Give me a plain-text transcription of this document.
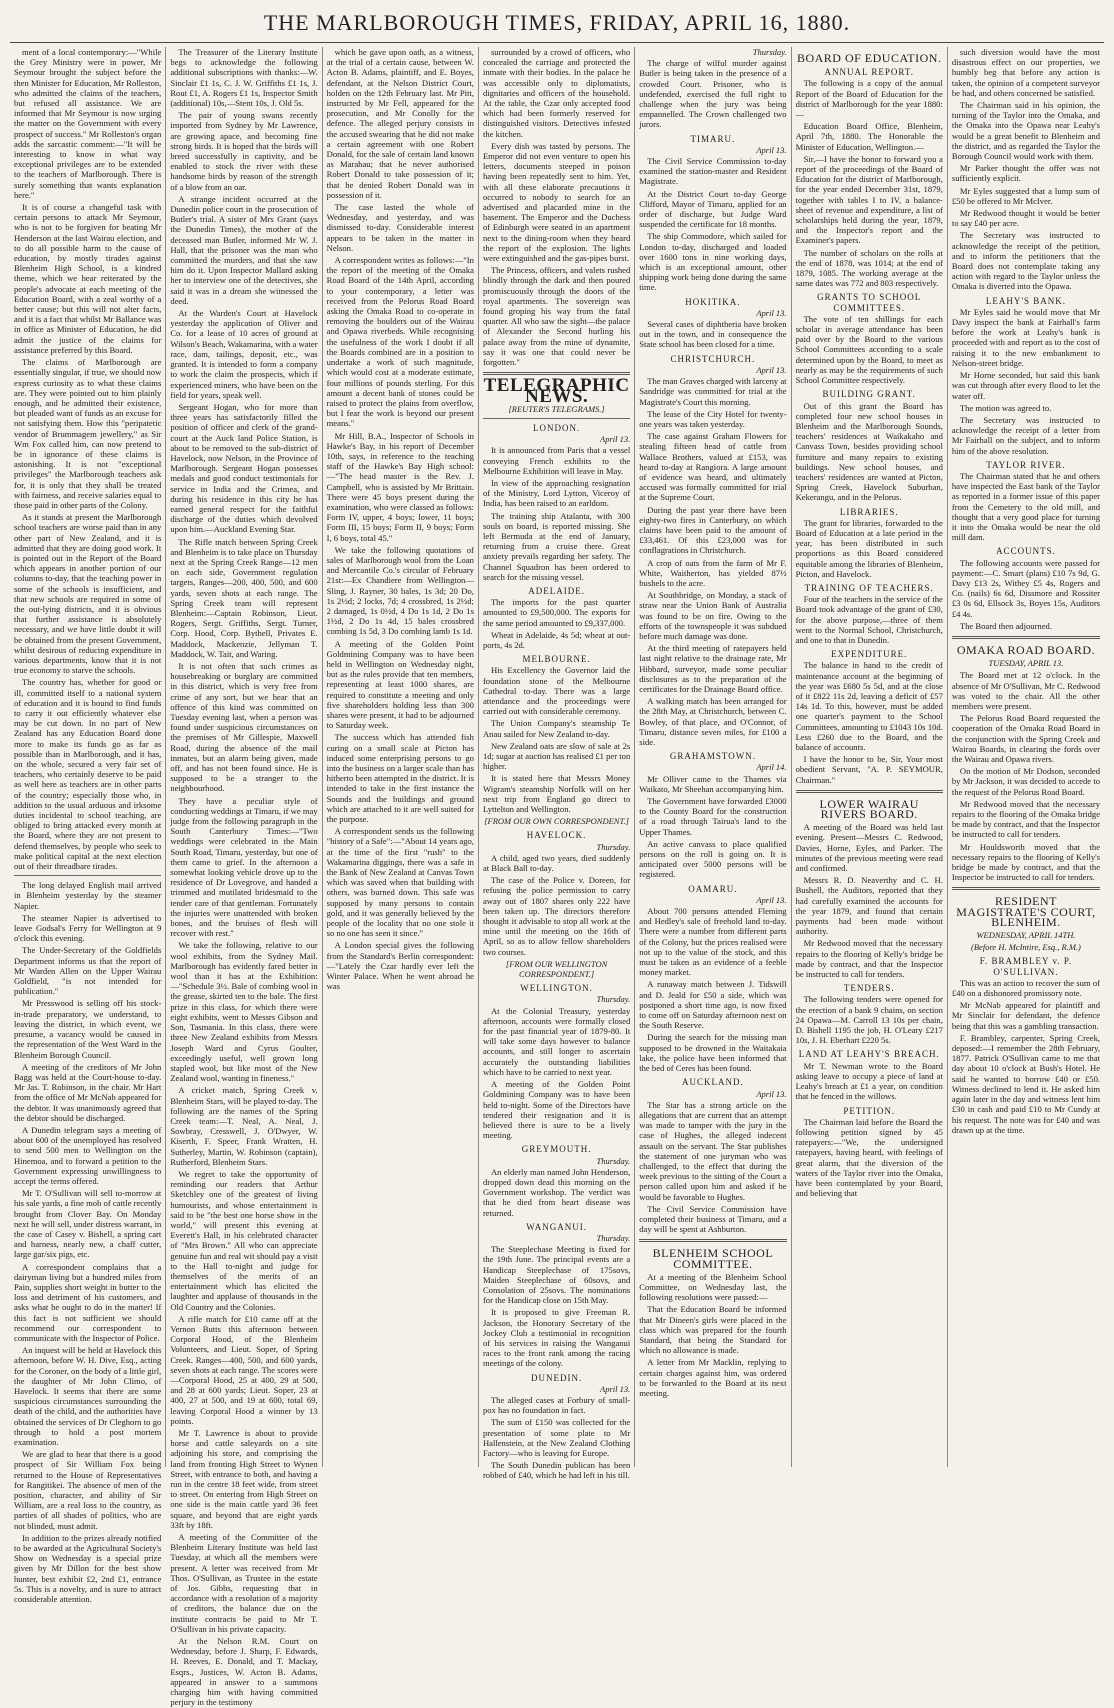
THE MARLBOROUGH TIMES, FRIDAY, APRIL 16, 1880.

ment of a local contemporary:—"While the Grey Ministry were in power, Mr Seymour brought the subject before the then Minister for Education, Mr Rolleston, who admitted the claims of the teachers, but refused all assistance. We are informed that Mr Seymour is now urging the matter on the Government with every prospect of success." Mr Rolleston's organ adds the sarcastic comment:—"It will be interesting to know in what way exceptional privileges are to be extended to the teachers of Marlborough. There is surely something that wants explanation here."

It is of course a changeful task with certain persons to attack Mr Seymour, who is not to be forgiven for beating Mr Henderson at the last Wairau election, and to do all possible harm to the cause of education, by mostly tirades against Blenheim High School, is a kindred theme, which we hear reiterated by the people's advocate at each meeting of the Education Board, with a zeal worthy of a better cause; but this will not alter facts, and it is a fact that whilst Mr Ballance was in office as Minister of Education, he did admit the justice of the claims for assistance preferred by this Board.

The claims of Marlborough are essentially singular, if true, we should now express curiosity as to what these claims are. They were pointed out to him plainly enough, and he admitted their existence, but pleaded want of funds as an excuse for not satisfying them. How this "peripatetic vendor of Brummagem jewellery," as Sir Wm Fox called him, can now pretend to be in ignorance of these claims is astonishing. It is not "exceptional privileges" the Marlborough teachers ask for, it is only that they shall be treated with fairness, and receive salaries equal to those paid in other parts of the Colony.

As it stands at present the Marlborough school teachers are worse paid than in any other part of New Zealand, and it is admitted that they are doing good work. It is pointed out in the Report of the Board which appears in another portion of our columns to-day, that the teaching power in some of the schools is insufficient, and that new schools are required in some of the out-lying districts, and it is obvious that further assistance is absolutely necessary, and we have little doubt it will be obtained from the present Government, whilst desirous of reducing expenditure in various departments, know that it is not true economy to starve the schools.

The country has, whether for good or ill, committed itself to a national system of education and it is bound to find funds to carry it out efficiently whatever else may be cut down. In no part of New Zealand has any Education Board done more to make its funds go as far as possible than in Marlborough, and it has, on the whole, secured a very fair set of teachers, who certainly deserve to be paid as well here as teachers are in other parts of the country; especially those who, in addition to the usual arduous and irksome duties incidental to school teaching, are obliged to bring attacked every month at the Board, where they are not present to defend themselves, by people who seek to make political capital at the next election out of their threadbare tirades.

The long delayed English mail arrived in Blenheim yesterday by the steamer Napier.

The steamer Napier is advertised to leave Godsal's Ferry for Wellington at 9 o'clock this evening.

The Under-Secretary of the Goldfields Department informs us that the report of Mr Warden Allen on the Upper Wairau Goldfield, "is not intended for publication."

Mr Presswood is selling off his stock-in-trade preparatory, we understand, to leaving the district, in which event, we presume, a vacancy would be caused in the representation of the West Ward in the Blenheim Borough Council.

A meeting of the creditors of Mr John Bagg was held at the Court-house to-day. Mr Jas. T. Robinson, in the chair. Mr Hart from the office of Mr McNab appeared for the debtor. It was unanimously agreed that the debtor should be discharged.

A Dunedin telegram says a meeting of about 600 of the unemployed has resolved to send 500 men to Wellington on the Hinemoa, and to forward a petition to the Government expressing unwillingness to accept the terms offered.

Mr T. O'Sullivan will sell to-morrow at his sale yards, a fine mob of cattle recently brought from Clover Bay. On Monday next he will sell, under distress warrant, in the case of Casey v. Bishell, a spring cart and harness, nearly new, a chaff cutter, large gar/six pigs, etc.

A correspondent complains that a dairyman living but a hundred miles from Pain, supplies short weight in butter to the loss and detriment of his customers, and asks what he ought to do in the matter! If this fact is not sufficient we should recommend our correspondent to communicate with the Inspector of Police.

An inquest will be held at Havelock this afternoon, before W. H. Dive, Esq., acting for the Coroner, on the body of a little girl, the daughter of Mr John Climo, of Havelock. It seems that there are some suspicious circumstances surrounding the death of the child, and the authorities have obtained the services of Dr Cleghorn to go through to hold a post mortem examination.

We are glad to hear that there is a good prospect of Sir William Fox being returned to the House of Representatives for Rangitikei. The absence of men of the position, character, and ability of Sir William, are a real loss to the country, as parties of all shades of politics, who are not blinded, must admit.

In addition to the prizes already notified to be awarded at the Agricultural Society's Show on Wednesday is a special prize given by Mr Dillon for the best show hunter, best exhibit £2, 2nd £1, entrance 5s. This is a novelty, and is sure to attract considerable attention.

The Treasurer of the Literary Institute begs to acknowledge the following additional subscriptions with thanks:—W. Sinclair £1 1s, C. J. W. Griffiths £1 1s, J. Rout £1, A. Rogers £1 1s, Inspector Smith (additional) 10s,—Stent 10s, J. Old 5s.

The pair of young swans recently imported from Sydney by Mr Lawrence, are growing apace, and becoming fine strong birds. It is hoped that the birds will breed successfully in captivity, and be enabled to stock the river with these handsome birds by reason of the strength of a blow from an oar.

A strange incident occurred at the Dunedin police court in the prosecution of Butler's trial. A sister of Mrs Grant (says the Dunedin Times), the mother of the deceased man Butler, informed Mr W. J. Hall, that the prisoner was the man who committed the murders, and that she saw him do it. Upon Inspector Mallard asking her to interview one of the detectives, she said it was in a dream she witnessed the deed.

At the Warden's Court at Havelock yesterday the application of Oliver and Co. for a lease of 10 acres of ground at Wilson's Beach, Wakamarina, with a water race, dam, tailings, deposit, etc., was granted. It is intended to form a company to work the claim the prospects, which if experienced miners, who have been on the field for years, speak well.

Sergeant Hogan, who for more than three years has satisfactorily filled the position of officer and clerk of the grand-court at the Auck land Police Station, is about to be removed to the sub-district of Havelock, now Nelson, in the Province of Marlborough. Sergeant Hogan possesses medals and good conduct testimonials for service in India and the Crimea, and during his residence in this city he has earned general respect for the faithful discharge of the duties which devolved upon him.—Auckland Evening Star.

The Rifle match between Spring Creek and Blenheim is to take place on Thursday next at the Spring Creek Range—12 men on each side, Government regulation targets, Ranges—200, 400, 500, and 600 yards, seven shots at each range. The Spring Creek team will represent Blenheim:—Captain Robinson, Lieut. Rogers, Sergt. Griffiths, Sergt. Turner, Corp. Hood, Corp. Bythell, Privates E. Maddock, Mackenzie, Jellyman T. Maddock, W. Tait, and Waring.

It is not often that such crimes as housebreaking or burglary are committed in this district, which is very free from crime of any sort, but we hear that an offence of this kind was committed on Tuesday evening last, when a person was found under suspicious circumstances on the premises of Mr Gillespie, Maxwell Road, during the absence of the mail inmates, but an alarm being given, made off, and has not been found since. He is supposed to be a stranger to the neighbourhood.

They have a peculiar style of conducting weddings at Timaru, if we may judge from the following paragraph in the South Canterbury Times:—"Two weddings were celebrated in the Main South Road, Timaru, yesterday, but one of them came to grief. In the afternoon a somewhat looking vehicle drove up to the residence of Dr Lovegrove, and handed a trimmed and mutilated bridesmaid to the tender care of that gentleman. Fortunately the injuries were unattended with broken bones, and the bruises of flesh will recover with rest."

We take the following, relative to our wool exhibits, from the Sydney Mail. Marlborough has evidently fared better in wool than it has at the Exhibition:—"Schedule 3½. Bale of combing wool in the grease, skirted ten to the bale. The first prize in this class, for which there were eight exhibits, went to Messrs Gibson and Son, Tasmania. In this class, there were three New Zealand exhibits from Messrs Joseph Ward and Cyrus Goulter, exceedingly useful, well grown long stapled wool, but like most of the New Zealand wool, wanting in fineness."

A cricket match, Spring Creek v. Blenheim Stars, will be played to-day. The following are the names of the Spring Creek team:—T. Neal, A. Neal, J. Sowbray, Cresswell, J. O'Dwyer, W. Kiserth, F. Speer, Frank Wratten, H. Sutherley, Martin, W. Robinson (captain), Rutherford, Blenheim Stars.

We regret to take the opportunity of reminding our readers that Arthur Sketchley one of the greatest of living humourists, and whose entertainment is said to be "the best one horse show in the world," will present this evening at Everett's Hall, in his celebrated character of "Mrs Brown." All who can appreciate genuine fun and real wit should pay a visit to the Hall to-night and judge for themselves of the merits of an entertainment which has elicited the laughter and applause of thousands in the Old Country and the Colonies.

A rifle match for £10 came off at the Vernon Butts this afternoon between Corporal Hood, of the Blenheim Volunteers, and Lieut. Soper, of Spring Creek. Ranges—400, 500, and 600 yards, seven shots at each range. The scores were—Corporal Hood, 25 at 400, 29 at 500, and 28 at 600 yards; Lieut. Soper, 23 at 400, 27 at 500, and 19 at 600, total 69, leaving Corporal Hood a winner by 13 points.

Mr T. Lawrence is about to provide horse and cattle saleyards on a site adjoining his store, and comprising the land from fronting High Street to Wynen Street, with entrance to both, and having a run in the centre 18 feet wide, from street to street. On entering from High Street on one side is the main cattle yard 36 feet square, and beyond that are eight yards 33ft by 18ft.

A meeting of the Committee of the Blenheim Literary Institute was held last Tuesday, at which all the members were present. A letter was received from Mr Thos. O'Sullivan, as Trustee in the estate of Jos. Gibbs, requesting that in accordance with a resolution of a majority of creditors, the balance due on the institute contracts be paid to Mr T. O'Sullivan in his private capacity.

At the Nelson R.M. Court on Wednesday, before J. Sharp, F. Edwards, H. Reeves, E. Donald, and T. Mackay, Esqrs., Justices, W. Acton B. Adams, appeared in answer to a summons charging him with having committed perjury in the testimony

which he gave upon oath, as a witness, at the trial of a certain cause, between W. Acton B. Adams, plaintiff, and E. Boyes, defendant, at the Nelson District Court, holden on the 12th February last. Mr Pitt, instructed by Mr Fell, appeared for the prosecution, and Mr Conolly for the defence. The alleged perjury consists in the accused swearing that he did not make a certain agreement with one Robert Donald, for the sale of certain land known as Marahau; that he never authorised Robert Donald to take possession of it; that he denied Robert Donald was in possession of it.

The case lasted the whole of Wednesday, and yesterday, and was dismissed to-day. Considerable interest appears to be taken in the matter in Nelson.

A correspondent writes as follows:—"In the report of the meeting of the Omaka Road Board of the 14th April, according to your contemporary, a letter was received from the Pelorus Road Board asking the Omaka Road to co-operate in removing the boulders out of the Wairau and Opawa riverbeds. While recognising the usefulness of the work I doubt if all the Boards combined are in a position to undertake a work of such magnitude, which would cost at a moderate estimate, four millions of pounds sterling. For this amount a decent bank of stones could be raised to protect the plains from overflow, but I fear the work is beyond our present means."

Mr Hill, B.A., Inspector of Schools in Hawke's Bay, in his report of December 10th, says, in reference to the teaching staff of the Hawke's Bay High school:—"The head master is the Rev. J. Campbell, who is assisted by Mr Brittain. There were 45 boys present during the examination, who were classed as follows: Form IV, upper, 4 boys; lower, 11 boys; Form III, 15 boys; Form II, 9 boys; Form I, 6 boys, total 45."

We take the following quotations of sales of Marlborough wool from the Loan and Mercantile Co.'s circular of February 21st:—Ex Chandiere from Wellington—Sling, J. Rayner, 30 bales, 1s 3d; 20 Do, 1s 2½d; 2 locks, 7d; 4 crossbred, 1s 2½d; 2 damaged, 1s 0½d, 4 Do 1s 1d, 2 Do 1s 1½d, 2 Do 1s 4d, 15 bales crossbred combing 1s 5d, 3 Do combing lamb 1s 1d.

A meeting of the Golden Point Goldmining Company was to have been held in Wellington on Wednesday night, but as the rules provide that ten members, representing at least 1000 shares, are required to constitute a meeting and only five shareholders holding less than 300 shares were present, it had to be adjourned to Saturday week.

The success which has attended fish curing on a small scale at Picton has induced some enterprising persons to go into the business on a larger scale than has hitherto been attempted in the district. It is intended to take in the first instance the Sounds and the buildings and ground which are attached to it are well suited for the purpose.

A correspondent sends us the following "history of a Safe":—"About 14 years ago, at the time of the first "rush" to the Wakamarina diggings, there was a safe in the Bank of New Zealand at Canvas Town which was saved when that building with others, was burned down. This safe was supposed by many persons to contain gold, and it was generally believed by the people of the locality that no one stole it so no one has seen it since."

A London special gives the following from the Standard's Berlin correspondent:—"Lately the Czar hardly ever left the Winter Palace. When he went abroad he was

surrounded by a crowd of officers, who concealed the carriage and protected the inmate with their bodies. In the palace he was accessible only to diplomatists, dignitaries and officers of the household. At the table, the Czar only accepted food which had been formerly reserved for distinguished visitors. Detectives infested the kitchen.

Every dish was tasted by persons. The Emperor did not even venture to open his letters, documents steeped in poison having been repeatedly sent to him. Yet, with all these elaborate precautions it occurred to nobody to search for an advertised and placarded mine in the basement. The Emperor and the Duchess of Edinburgh were seated in an apartment next to the dining-room when they heard the report of the explosion. The lights were extinguished and the gas-pipes burst.

The Princess, officers, and valets rushed blindly through the dark and then poured promiscuously through the doors of the royal apartments. The sovereign was found groping his way from the fatal quarter. All who saw the sight—the palace of Alexander the Second hurling his palace away from the mine of dynamite, say it was one that could never be forgotten."

TELEGRAPHIC NEWS.
[REUTER'S TELEGRAMS.]
LONDON.
April 13.

It is announced from Paris that a vessel conveying French exhibits to the Melbourne Exhibition will leave in May.

In view of the approaching resignation of the Ministry, Lord Lytton, Viceroy of India, has been raised to an earldom.

The training ship Atalanta, with 300 souls on board, is reported missing. She left Bermuda at the end of January, returning from a cruise there. Great anxiety prevails regarding her safety. The Channel Squadron has been ordered to search for the missing vessel.

ADELAIDE.

The imports for the past quarter amounted to £9,500,000. The exports for the same period amounted to £9,337,000.

Wheat in Adelaide, 4s 5d; wheat at out-ports, 4s 2d.

MELBOURNE.

His Excellency the Governor laid the foundation stone of the Melbourne Cathedral to-day. There was a large attendance and the proceedings were carried out with considerable ceremony.

The Union Company's steamship Te Anau sailed for New Zealand to-day.

New Zealand oats are slow of sale at 2s 1d; sugar at auction has realised £1 per ton higher.

It is stated here that Messrs Money Wigram's steamship Norfolk will on her next trip from England go direct to Lyttelton and Wellington.

[FROM OUR OWN CORRESPONDENT.]
HAVELOCK.
Thursday.

A child, aged two years, died suddenly at Black Ball to-day.

The case of the Police v. Doreen, for refusing the police permission to carry away out of 1807 shares only 222 have been taken up. The directors therefore thought it advisable to stop all work at the mine until the meeting on the 16th of April, so as to allow fellow shareholders two courses.

[FROM OUR WELLINGTON CORRESPONDENT.]
WELLINGTON.
Thursday.

At the Colonial Treasury, yesterday afternoon, accounts were formally closed for the past financial year of 1879-80. It will take some days however to balance accounts, and still longer to ascertain accurately the outstanding liabilities which have to be carried to next year.

A meeting of the Golden Point Goldmining Company was to have been held to-night. Some of the Directors have tendered their resignation and it is believed there is sure to be a lively meeting.

GREYMOUTH.
Thursday.

An elderly man named John Henderson, dropped down dead this morning on the Government workshop. The verdict was that he died from heart disease was returned.

WANGANUI.
Thursday.

The Steeplechase Meeting is fixed for the 19th June. The principal events are a Handicap Steeplechase of 175sovs, Maiden Steeplechase of 60sovs, and Consolation of 25sovs. The nominations for the Handicap close on 15th May.

It is proposed to give Freeman R. Jackson, the Honorary Secretary of the Jockey Club a testimonial in recognition of his services in raising the Wanganui races to the front rank among the racing meetings of the colony.

DUNEDIN.
April 13.

The alleged cases at Forbury of small-pox has no foundation in fact.

The sum of £150 was collected for the presentation of some plate to Mr Hallenstein, at the New Zealand Clothing Factory—who is leaving for Europe.

The South Dunedin publican has been robbed of £40, which he had left in his till.

Thursday.

The charge of wilful murder against Butler is being taken in the presence of a crowded Court. Prisoner, who is undefended, exercised the full right to challenge when the jury was being empannelled. The Crown challenged two jurors.

TIMARU.
April 13.

The Civil Service Commission to-day examined the station-master and Resident Magistrate.

At the District Court to-day George Clifford, Mayor of Timaru, applied for an order of discharge, but Judge Ward suspended the certificate for 18 months.

The ship Commodore, which sailed for London to-day, discharged and loaded over 1600 tons in nine working days, which is an exceptional amount, other shipping work being done during the same time.

HOKITIKA.
April 13.

Several cases of diphtheria have broken out in the town, and in consequence the State school has been closed for a time.

CHRISTCHURCH.
April 13.

The man Graves charged with larceny at Sandridge was committed for trial at the Magistrate's Court this morning.

The lease of the City Hotel for twenty-one years was taken yesterday.

The case against Graham Flowers for stealing fifteen head of cattle from Wallace Brothers, valued at £153, was heard to-day at Rangiora. A large amount of evidence was heard, and ultimately accused was formally committed for trial at the Supreme Court.

During the past year there have been eighty-two fires in Canterbury, on which claims have been paid to the amount of £33,461. Of this £23,000 was for conflagrations in Christchurch.

A crop of oats from the farm of Mr F. White, Waitherton, has yielded 87½ bushels to the acre.

At Southbridge, on Monday, a stack of straw near the Union Bank of Australia was found to be on fire. Owing to the efforts of the townspeople it was subdued before much damage was done.

At the third meeting of ratepayers held last night relative to the drainage rate, Mr Hibbard, surveyor, made some peculiar disclosures as to the preparation of the certificates for the Drainage Board office.

A walking match has been arranged for the 28th May, at Christchurch, between C. Bowley, of that place, and O'Connor, of Timaru, distance seven miles, for £100 a side.

GRAHAMSTOWN.
April 14.

Mr Olliver came to the Thames via Waikato, Mr Sheehan accompanying him.

The Government have forwarded £3000 to the County Board for the construction of a road through Tairua's land to the Upper Thames.

An active canvass to place qualified persons on the roll is going on. It is anticipated over 5000 persons will be registered.

OAMARU.
April 13.

About 700 persons attended Fleming and Hedley's sale of freehold land to-day. There were a number from different parts of the Colony, but the prices realised were not up to the value of the stock, and this must be taken as an evidence of a feeble money market.

A runaway match between J. Tidswill and D. Jeald for £50 a side, which was postponed a short time ago, is now fixed to come off on Saturday afternoon next on the South Reserve.

During the search for the missing man supposed to be drowned in the Waitakaia lake, the police have been informed that the bed of Ceres has been found.

AUCKLAND.
April 13.

The Star has a strong article on the allegations that are current that an attempt was made to tamper with the jury in the case of Hughes, the alleged indecent assault on the servant. The Star publishes the statement of one juryman who was challenged, to the effect that during the week previous to the sitting of the Court a person called upon him and asked if he would be favorable to Hughes.

The Civil Service Commission have completed their business at Timaru, and a day will be spent at Ashburton.

BLENHEIM SCHOOL COMMITTEE.

At a meeting of the Blenheim School Committee, on Wednesday last, the following resolutions were passed:—

That the Education Board be informed that Mr Dineen's girls were placed in the class which was prepared for the fourth Standard, that being the Standard for which no allowance is made.

A letter from Mr Macklin, replying to certain charges against him, was ordered to be forwarded to the Board at its next meeting.

BOARD OF EDUCATION.
ANNUAL REPORT.

The following is a copy of the annual Report of the Board of Education for the district of Marlborough for the year 1880:—

Education Board Office, Blenheim, April 7th, 1880. The Honorable the Minister of Education, Wellington.—

Sir,—I have the honor to forward you a report of the proceedings of the Board of Education for the district of Marlborough, for the year ended December 31st, 1879, together with tables I to IV, a balance-sheet of revenue and expenditure, a list of scholarships held during the year, 1879, and the Inspector's report and the Examiner's papers.

The number of scholars on the rolls at the end of 1878, was 1014; at the end of 1879, 1085. The working average at the same dates was 772 and 803 respectively.

GRANTS TO SCHOOL COMMITTEES.

The vote of ten shillings for each scholar in average attendance has been paid over by the Board to the various School Committees according to a scale determined upon by the Board, to meet as nearly as may be the requirements of such School Committee respectively.

BUILDING GRANT.

Out of this grant the Board has completed four new school houses in Blenheim and the Marlborough Sounds, teachers' residences at Waikakaho and Canvass Town, besides providing school furniture and many repairs to existing buildings. New school houses, and teachers' residences are wanted at Picton, Spring Creek, Havelock Suburban, Kekerangu, and in the Pelorus.

LIBRARIES.

The grant for libraries, forwarded to the Board of Education at a late period in the year, has been distributed in such proportions as this Board considered equitable among the libraries of Blenheim, Picton, and Havelock.

TRAINING OF TEACHERS.

Four of the teachers in the service of the Board took advantage of the grant of £30, for the above purpose,—three of them went to the Normal School, Christchurch, and one to that in Dunedin.

EXPENDITURE.

The balance in hand to the credit of maintenance account at the beginning of the year was £680 5s 5d, and at the close of it £822 11s 2d, leaving a deficit of £57 14s 1d. To this, however, must be added one quarter's payment to the School Committees, amounting to £1043 10s 10d. Less £260 due to the Board, and the balance of accounts.

I have the honor to be, Sir, Your most obedient Servant, "A. P. SEYMOUR, Chairman."

LOWER WAIRAU RIVERS BOARD.

A meeting of the Board was held last evening. Present—Messrs C. Redwood, Davies, Horne, Eyles, and Parker. The minutes of the previous meeting were read and confirmed.

Messrs R. D. Neaverthy and C. H. Bushell, the Auditors, reported that they had carefully examined the accounts for the year 1879, and found that certain payments had been made without authority.

Mr Redwood moved that the necessary repairs to the flooring of Kelly's bridge be made by contract, and that the Inspector be instructed to call for tenders.

TENDERS.

The following tenders were opened for the erection of a bank 9 chains, on section 24 Opawa—M. Carroll 13 10s per chain, D. Bishell 1195 the job, H. O'Leary £217 10s, J. H. Eberhart £220 5s.

LAND AT LEAHY'S BREACH.

Mr T. Newman wrote to the Board asking leave to occupy a piece of land at Leahy's breach at £1 a year, on condition that he fenced in the willows.

PETITION.

The Chairman laid before the Board the following petition signed by 45 ratepayers:—"We, the undersigned ratepayers, having heard, with feelings of great alarm, that the diversion of the waters of the Taylor river into the Omaka, have been contemplated by your Board, and believing that

such diversion would have the most disastrous effect on our properties, we humbly beg that before any action is taken, the opinion of a competent surveyor be had, and others concerned be satisfied.

The Chairman said in his opinion, the turning of the Taylor into the Omaka, and the Omaka into the Opawa near Leahy's would be a great benefit to Blenheim and the district, and as regarded the Taylor the Borough Council would work with them.

Mr Parker thought the offer was not sufficiently explicit.

Mr Eyles suggested that a lump sum of £50 be offered to Mr McIver.

Mr Redwood thought it would be better to say £40 per acre.

The Secretary was instructed to acknowledge the receipt of the petition, and to inform the petitioners that the Board does not contemplate taking any action with regard to the Taylor unless the Omaka is diverted into the Opawa.

LEAHY'S BANK.

Mr Eyles said he would move that Mr Davy inspect the bank at Fairhall's farm before the work at Leahy's bank is proceeded with and report as to the cost of raising it to the new embankment to Nelson-street bridge.

Mr Horne seconded, but said this bank was cut through after every flood to let the water off.

The motion was agreed to.

The Secretary was instructed to acknowledge the receipt of a letter from Mr Fairhall on the subject, and to inform him of the above resolution.

TAYLOR RIVER.

The Chairman stated that he and others have inspected the East bank of the Taylor as reported in a former issue of this paper from the Cemetery to the old mill, and thought that a very good place for turning it into the Omaka would be near the old mill dam.

ACCOUNTS.

The following accounts were passed for payment:—C. Smart (plans) £10 7s 9d, G. Davy £13 2s, Withey £5 4s, Rogers and Co. (nails) 6s 6d, Dissmore and Rossiter £3 0s 6d, Ellsock 3s, Boyes 15s, Auditors £4 4s.

The Board then adjourned.

OMAKA ROAD BOARD.
TUESDAY, APRIL 13.

The Board met at 12 o'clock. In the absence of Mr O'Sullivan, Mr C. Redwood was voted to the chair. All the other members were present.

The Pelorus Road Board requested the cooperation of the Omaka Road Board in the conjunction with the Spring Creek and Wairau Boards, in clearing the fords over the Wairau and Opawa rivers.

On the motion of Mr Dodson, seconded by Mr Jackson, it was decided to accede to the request of the Pelorus Road Board.

Mr Redwood moved that the necessary repairs to the flooring of the Omaka bridge be made by contract, and that the Inspector be instructed to call for tenders.

Mr Houldsworth moved that the necessary repairs to the flooring of Kelly's bridge be made by contract, and that the Inspector be instructed to call for tenders.

RESIDENT MAGISTRATE'S COURT, BLENHEIM.
WEDNESDAY, APRIL 14TH.
(Before H. McIntire, Esq., R.M.)
F. BRAMBLEY v. P. O'SULLIVAN.

This was an action to recover the sum of £40 on a dishonored promissory note.

Mr McNab appeared for plaintiff and Mr Sinclair for defendant, the defence being that this was a gambling transaction.

F. Brambley, carpenter, Spring Creek, deposed:—I remember the 28th February, 1877. Patrick O'Sullivan came to me that day about 10 o'clock at Bush's Hotel. He said he wanted to borrow £40 or £50. Witness declined to lend it. He asked him again later in the day and witness lent him £30 in cash and paid £10 to Mr Cundy at his request. The note was for £40 and was drawn up at the time.
